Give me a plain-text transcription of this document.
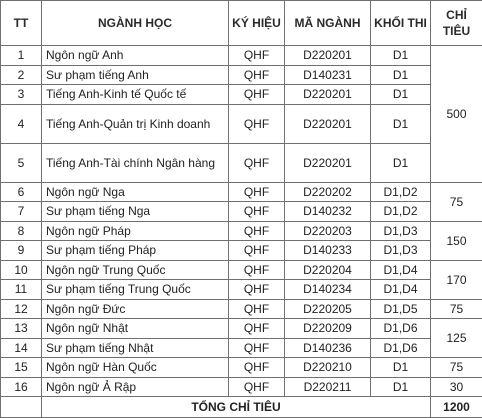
TT	NGÀNH HỌC	KÝ HIỆU	MÃ NGÀNH	KHỐI THI	CHỈ TIÊU
1	Ngôn ngữ Anh	QHF	D220201	D1	500
2	Sư phạm tiếng Anh	QHF	D140231	D1	
3	Tiếng Anh-Kinh tế Quốc tế	QHF	D220201	D1	
4	Tiếng Anh-Quản trị Kinh doanh	QHF	D220201	D1	
5	Tiếng Anh-Tài chính Ngân hàng	QHF	D220201	D1	
6	Ngôn ngữ Nga	QHF	D220202	D1,D2	75
7	Sư phạm tiếng Nga	QHF	D140232	D1,D2	
8	Ngôn ngữ Pháp	QHF	D220203	D1,D3	150
9	Sư phạm tiếng Pháp	QHF	D140233	D1,D3	
10	Ngôn ngữ Trung Quốc	QHF	D220204	D1,D4	170
11	Sư phạm tiếng Trung Quốc	QHF	D140234	D1,D4	
12	Ngôn ngữ Đức	QHF	D220205	D1,D5	75
13	Ngôn ngữ Nhật	QHF	D220209	D1,D6	125
14	Sư phạm tiếng Nhật	QHF	D140236	D1,D6	
15	Ngôn ngữ Hàn Quốc	QHF	D220210	D1	75
16	Ngôn ngữ Ả Rập	QHF	D220211	D1	30
	TỔNG CHỈ TIÊU				1200
